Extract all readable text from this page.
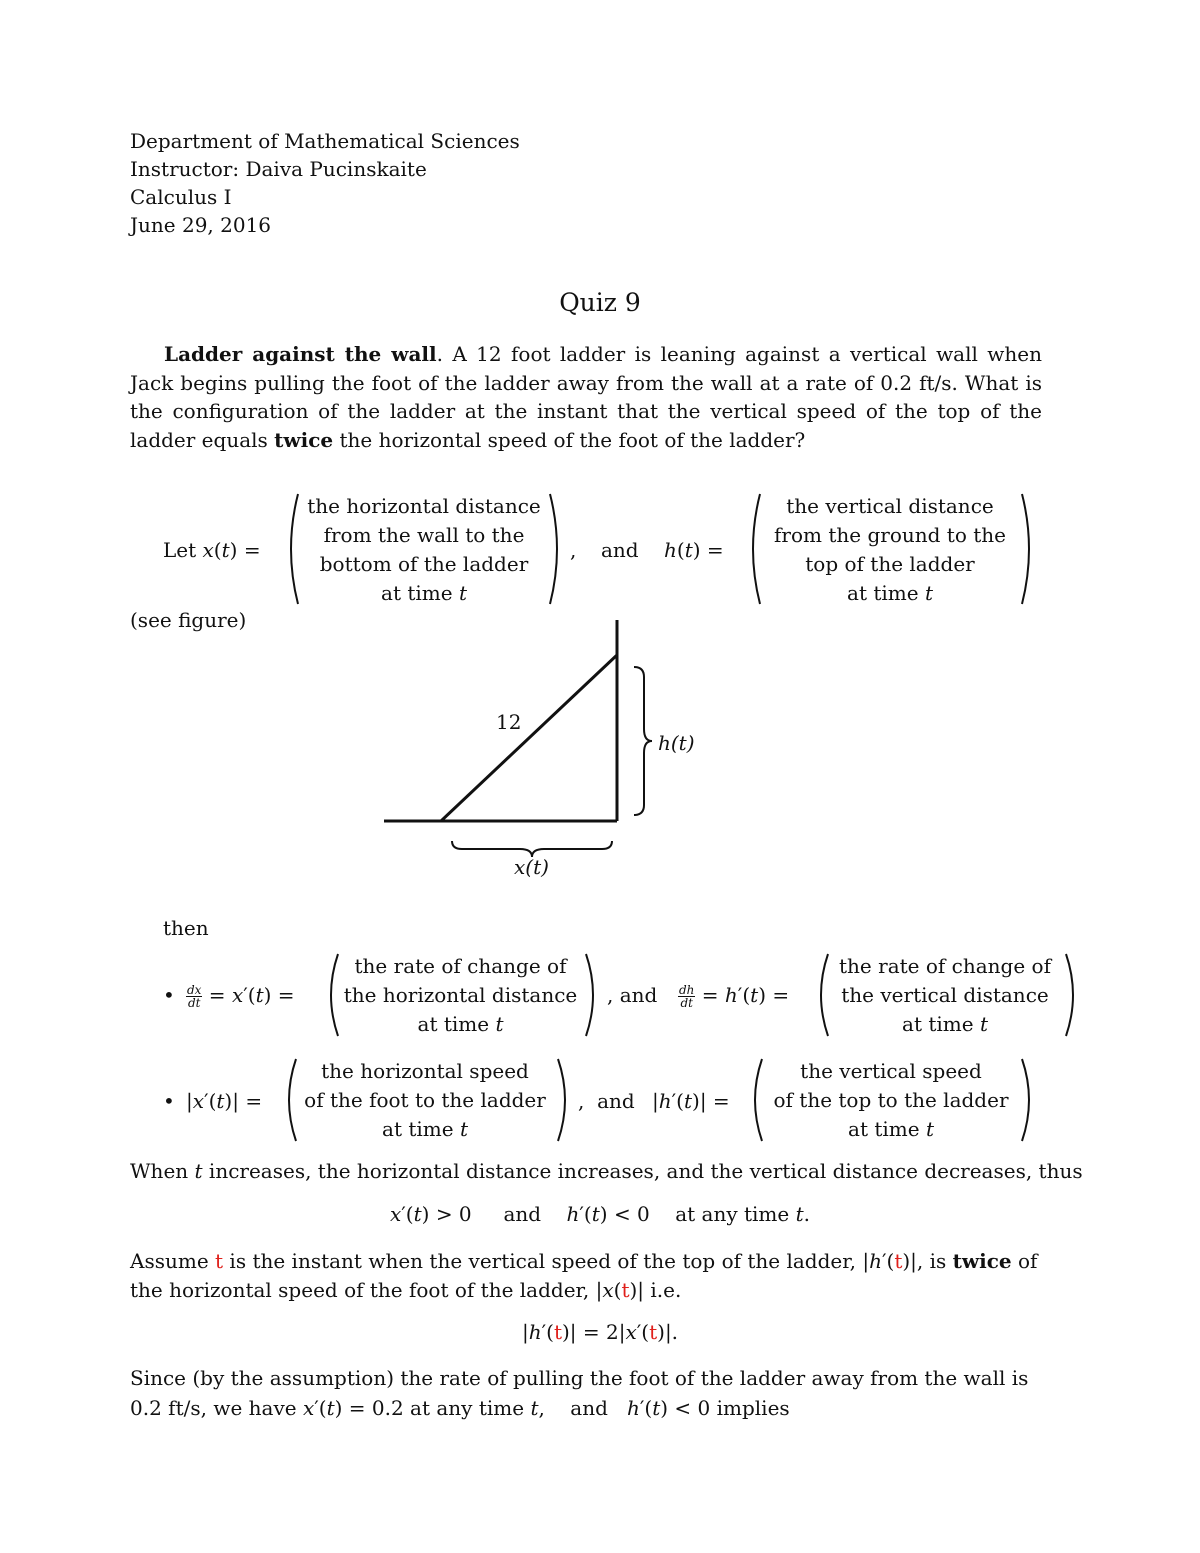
Department of Mathematical Sciences
Instructor: Daiva Pucinskaite
Calculus I
June 29, 2016
Quiz 9
Ladder against the wall. A 12 foot ladder is leaning against a vertical wall when Jack begins pulling the foot of the ladder away from the wall at a rate of 0.2 ft/s. What is the configuration of the ladder at the instant that the vertical speed of the top of the ladder equals twice the horizontal speed of the foot of the ladder?
Let x(t) =
the horizontal distance
from the wall to the
bottom of the ladder
at time t
, and h(t) =
the vertical distance
from the ground to the
top of the ladder
at time t
(see figure)
12
h(t)
x(t)
then
• $\frac{dx}{dt} = x'(t)$ =
the rate of change of
the horizontal distance
at time t
, and $\frac{dh}{dt} = h'(t)$ =
the rate of change of
the vertical distance
at time t
• |x′(t)| =
the horizontal speed
of the foot to the ladder
at time t
,  and |h′(t)| =
the vertical speed
of the top to the ladder
at time t
When t increases, the horizontal distance increases, and the vertical distance decreases, thus
x′(t) > 0     and h′(t) < 0    at any time t.
Assume t is the instant when the vertical speed of the top of the ladder, |h′(t)|, is twice of
the horizontal speed of the foot of the ladder, |x(t)| i.e.
|h′(t)| = 2|x′(t)|.
Since (by the assumption) the rate of pulling the foot of the ladder away from the wall is
0.2 ft/s, we have x′(t) = 0.2 at any time t,    and h′(t) < 0 implies
